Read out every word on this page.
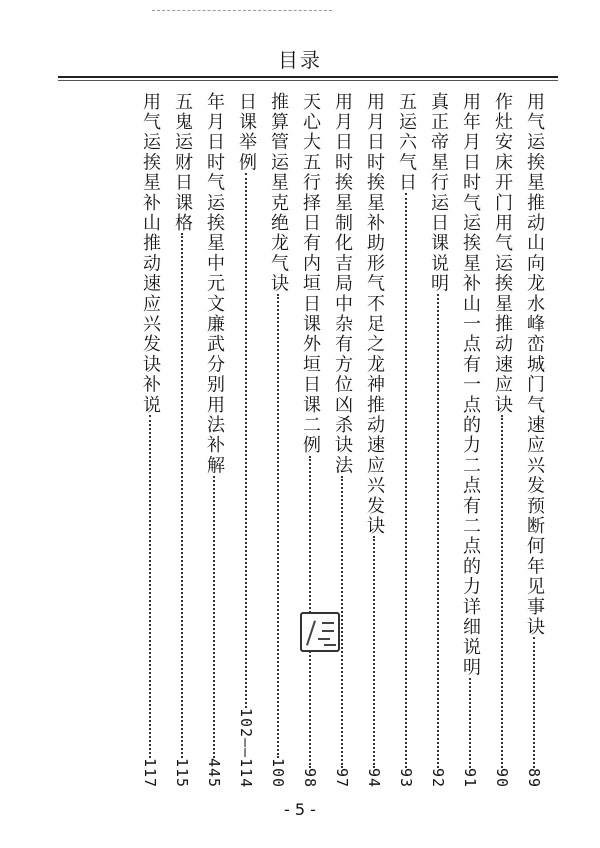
目录
用气运挨星推动山向龙水峰峦城门气速应兴发预断何年见事诀
89
作灶安床开门用气运挨星推动速应诀
90
用年月日时气运挨星补山一点有一点的力二点有二点的力详细说明
91
真正帝星行运日课说明
92
五运六气日
93
用月日时挨星补助形气不足之龙神推动速应兴发诀
94
用月日时挨星制化吉局中杂有方位凶杀诀法
97
天心大五行择日有内垣日课外垣日课二例
98
推算管运星克绝龙气诀
100
日课举例
102——114
年月日时气运挨星中元文廉武分别用法补解
445
五鬼运财日课格
115
用气运挨星补山推动速应兴发诀补说
117
- 5 -
